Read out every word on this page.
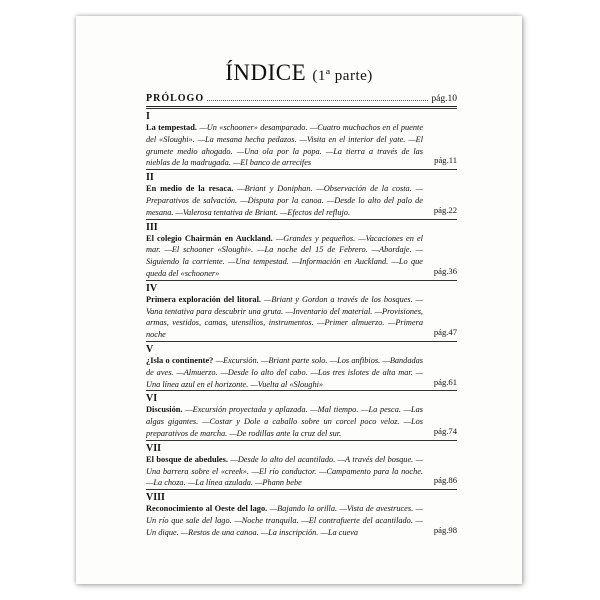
ÍNDICE (1ª parte)
PRÓLOGO	pág.10
I
La tempestad. —Un «schooner» desamparado. —Cuatro muchachos en el puente del «Sloughi». —La mesana hecha pedazos. —Visita en el interior del yate. —El grumete medio ahogado. —Una ola por la popa. —La tierra a través de las nieblas de la madrugada. —El banco de arrecifes	pág.11
II
En medio de la resaca. —Briant y Doniphan. —Observación de la costa. —Preparativos de salvación. —Disputa por la canoa. —Desde lo alto del palo de mesana. —Valerosa tentativa de Briant. —Efectos del reflujo.	pág.22
III
El colegio Chairmán en Auckland. —Grandes y pequeños. —Vacaciones en el mar. —El schooner «Sloughi». —La noche del 15 de Febrero. —Abordaje. —Siguiendo la corriente. —Una tempestad. —Información en Auckland. —Lo que queda del «schooner»	pág.36
IV
Primera exploración del litoral. —Briant y Gordon a través de los bosques. —Vana tentativa para descubrir una gruta. —Inventario del material. —Provisiones, armas, vestidos, camas, utensilios, instrumentos. —Primer almuerzo. —Primera noche	pág.47
V
¿Isla o continente? —Excursión. —Briant parte solo. —Los anfibios. —Bandadas de aves. —Almuerzo. —Desde lo alto del cabo. —Los tres islotes de alta mar. —Una línea azul en el horizonte. —Vuelta al «Sloughi»	pág.61
VI
Discusión. —Excursión proyectada y aplazada. —Mal tiempo. —La pesca. —Las algas gigantes. —Costar y Dole a caballo sobre un corcel poco veloz. —Los preparativos de marcha. —De rodillas ante la cruz del sur.	pág.74
VII
El bosque de abedules. —Desde lo alto del acantilado. —A través del bosque. —Una barrera sobre el «creek». —El río conductor. —Campamento para la noche. —La choza. —La línea azulada. —Phann bebe	pág.86
VIII
Reconocimiento al Oeste del lago. —Bajando la orilla. —Vista de avestruces. —Un río que sale del lago. —Noche tranquila. —El contrafuerte del acantilado. —Un dique. —Restos de una canoa. —La inscripción. —La cueva	pág.98
